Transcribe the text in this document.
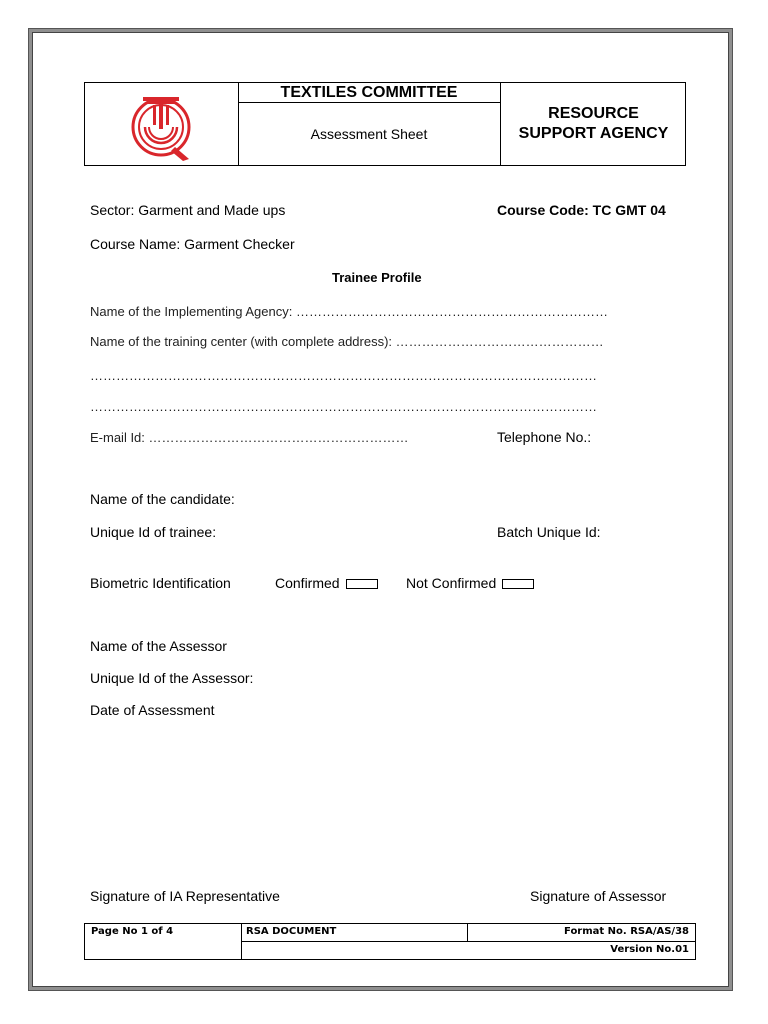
TEXTILES COMMITTEE
Assessment Sheet
RESOURCE
SUPPORT AGENCY
Sector: Garment and Made ups	Course Code: TC GMT 04
Course Name: Garment Checker
Trainee Profile
Name of the Implementing Agency: ………………………………………………………………
Name of the training center (with complete address): …………………………………………
………………………………………………………………………………………………………
………………………………………………………………………………………………………
E-mail Id: ……………………………………………………	Telephone No.:
Name of the candidate:
Unique Id of trainee:	Batch Unique Id:
Biometric Identification	Confirmed	Not Confirmed
Name of the Assessor
Unique Id of the Assessor:
Date of Assessment
Signature of IA Representative	Signature of Assessor
Page No 1 of 4	RSA DOCUMENT	Format No. RSA/AS/38
Version No.01
